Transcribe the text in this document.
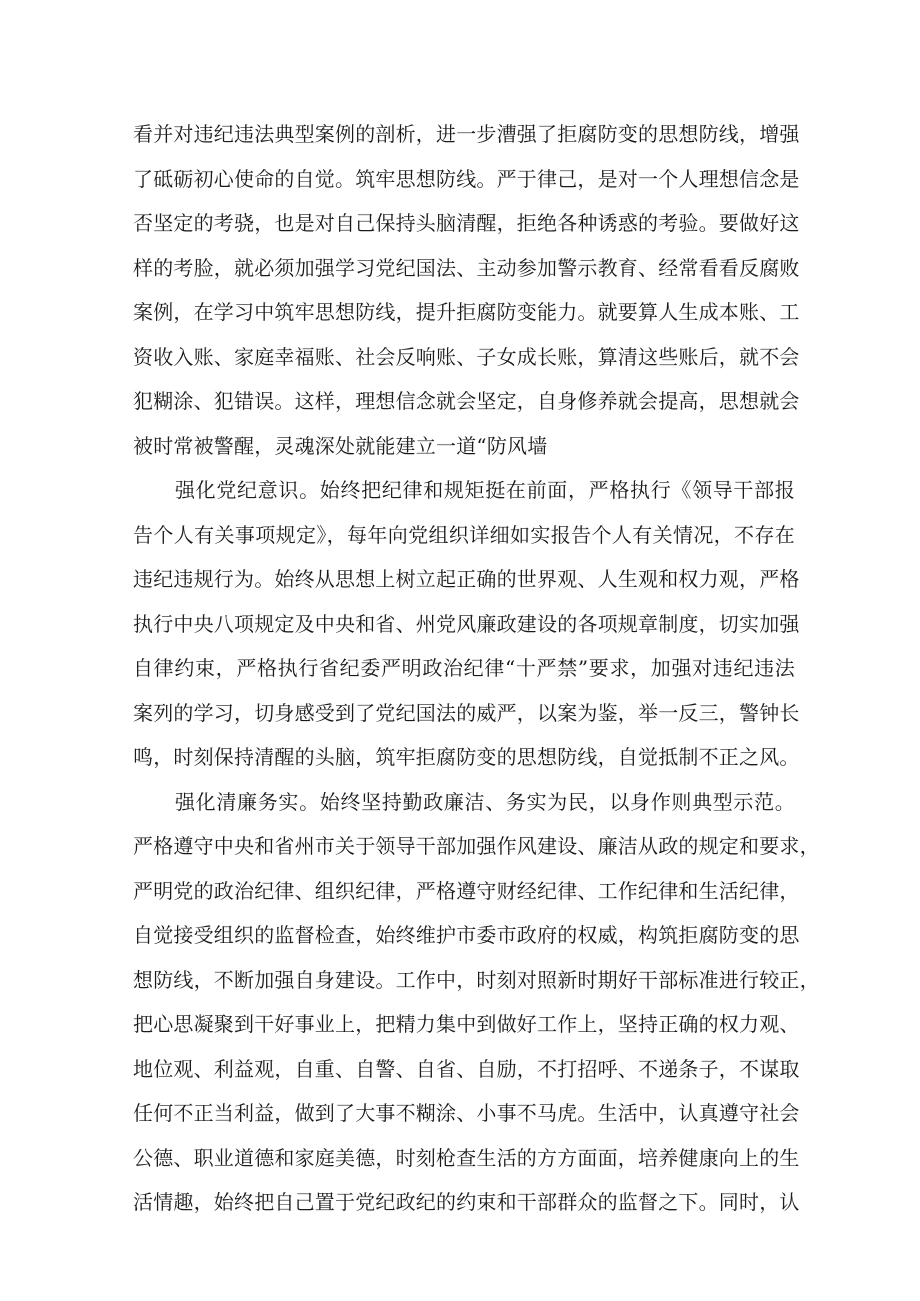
看并对违纪违法典型案例的剖析，进一步漕强了拒腐防变的思想防线，增强
了砥砺初心使命的自觉。筑牢思想防线。严于律己，是对一个人理想信念是
否坚定的考骁，也是对自己保持头脑清醒，拒绝各种诱惑的考验。要做好这
样的考脸，就必须加强学习党纪国法、主动参加警示教育、经常看看反腐败
案例，在学习中筑牢思想防线，提升拒腐防变能力。就要算人生成本账、工
资收入账、家庭幸福账、社会反响账、子女成长账，算清这些账后，就不会
犯糊涂、犯错误。这样，理想信念就会坚定，自身修养就会提高，思想就会
被时常被警醒，灵魂深处就能建立一道“防风墙
强化党纪意识。始终把纪律和规矩挺在前面，严格执行《领导干部报
告个人有关事项规定》，每年向党组织详细如实报告个人有关情况，不存在
违纪违规行为。始终从思想上树立起正确的世界观、人生观和权力观，严格
执行中央八项规定及中央和省、州党风廉政建设的各项规章制度，切实加强
自律约束，严格执行省纪委严明政治纪律“十严禁”要求，加强对违纪违法
案列的学习，切身感受到了党纪国法的威严，以案为鉴，举一反三，警钟长
鸣，时刻保持清醒的头脑，筑牢拒腐防变的思想防线，自觉抵制不正之风。
强化清廉务实。始终坚持勤政廉洁、务实为民，以身作则典型示范。
严格遵守中央和省州市关于领导干部加强作风建设、廉洁从政的规定和要求，
严明党的政治纪律、组织纪律，严格遵守财经纪律、工作纪律和生活纪律，
自觉接受组织的监督检查，始终维护市委市政府的权威，构筑拒腐防变的思
想防线，不断加强自身建设。工作中，时刻对照新时期好干部标准进行较正，
把心思凝聚到干好事业上，把精力集中到做好工作上，坚持正确的权力观、
地位观、利益观，自重、自警、自省、自励，不打招呼、不递条子，不谋取
任何不正当利益，做到了大事不糊涂、小事不马虎。生活中，认真遵守社会
公德、职业道德和家庭美德，时刻枪查生活的方方面面，培养健康向上的生
活情趣，始终把自己置于党纪政纪的约束和干部群众的监督之下。同时，认
